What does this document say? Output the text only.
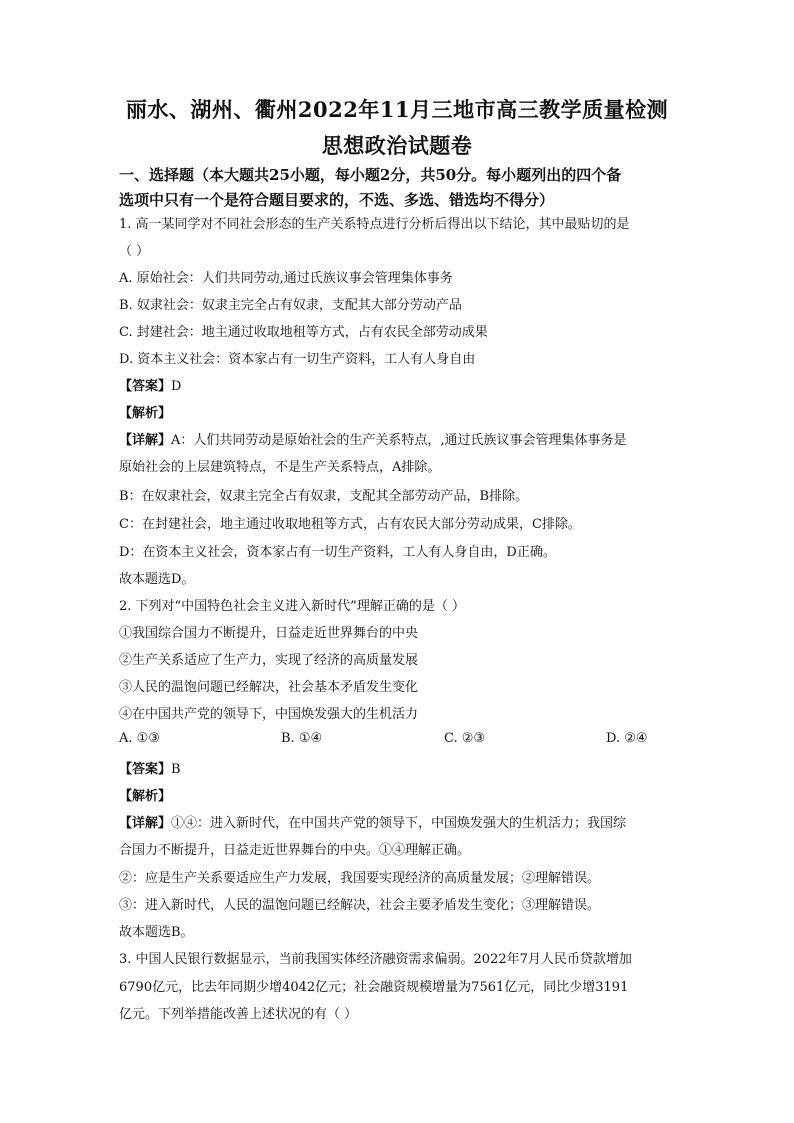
丽水、湖州、衢州2022年11月三地市高三教学质量检测
思想政治试题卷
一、选择题（本大题共25小题，每小题2分，共50分。每小题列出的四个备
选项中只有一个是符合题目要求的，不选、多选、错选均不得分）
1. 高一某同学对不同社会形态的生产关系特点进行分析后得出以下结论，其中最贴切的是
（ ）
A. 原始社会：人们共同劳动,通过氏族议事会管理集体事务
B. 奴隶社会：奴隶主完全占有奴隶，支配其大部分劳动产品
C. 封建社会：地主通过收取地租等方式，占有农民全部劳动成果
D. 资本主义社会：资本家占有一切生产资料，工人有人身自由
【答案】D
【解析】
【详解】A：人们共同劳动是原始社会的生产关系特点，,通过氏族议事会管理集体事务是
原始社会的上层建筑特点，不是生产关系特点，A排除。
B：在奴隶社会，奴隶主完全占有奴隶，支配其全部劳动产品，B排除。
C：在封建社会，地主通过收取地租等方式，占有农民大部分劳动成果，C排除。
D：在资本主义社会，资本家占有一切生产资料，工人有人身自由，D正确。
故本题选D。
2. 下列对“中国特色社会主义进入新时代”理解正确的是（ ）
①我国综合国力不断提升，日益走近世界舞台的中央
②生产关系适应了生产力，实现了经济的高质量发展
③人民的温饱问题已经解决，社会基本矛盾发生变化
④在中国共产党的领导下，中国焕发强大的生机活力
A. ①③	B. ①④	C. ②③	D. ②④
【答案】B
【解析】
【详解】①④：进入新时代，在中国共产党的领导下，中国焕发强大的生机活力；我国综
合国力不断提升，日益走近世界舞台的中央。①④理解正确。
②：应是生产关系要适应生产力发展，我国要实现经济的高质量发展；②理解错误。
③：进入新时代，人民的温饱问题已经解决，社会主要矛盾发生变化；③理解错误。
故本题选B。
3. 中国人民银行数据显示，当前我国实体经济融资需求偏弱。2022年7月人民币贷款增加
6790亿元，比去年同期少增4042亿元；社会融资规模增量为7561亿元，同比少增3191
亿元。下列举措能改善上述状况的有（ ）
